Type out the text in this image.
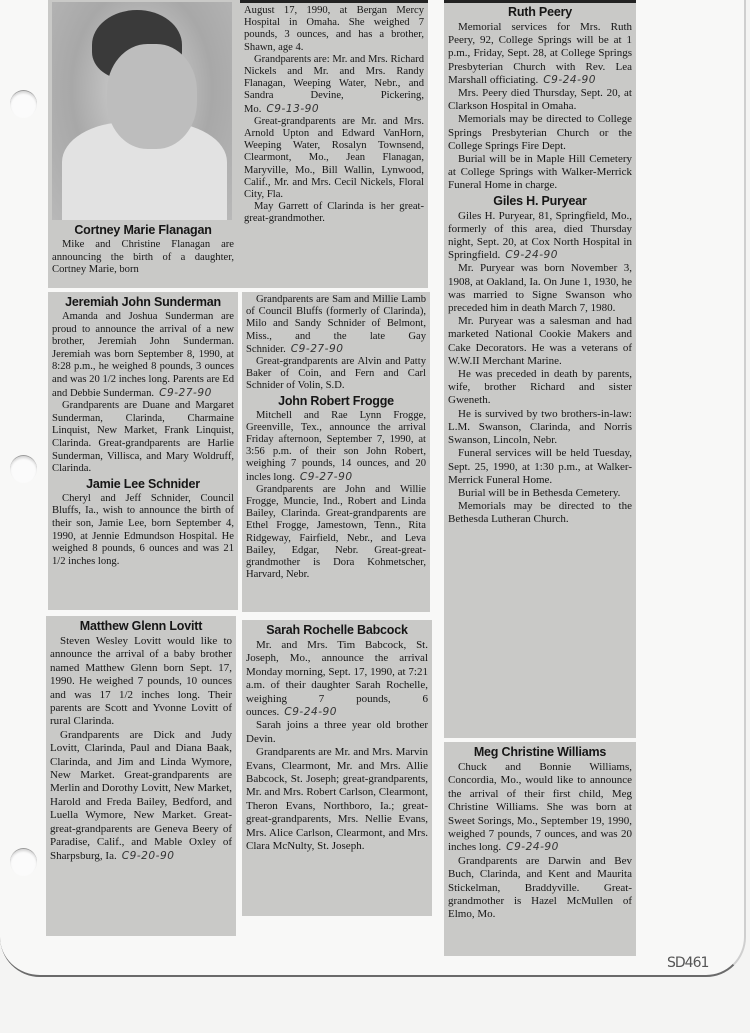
Cortney Marie Flanagan

Mike and Christine Flanagan are announcing the birth of a daughter, Cortney Marie, born

August 17, 1990, at Bergan Mercy Hospital in Omaha. She weighed 7 pounds, 3 ounces, and has a brother, Shawn, age 4.

Grandparents are: Mr. and Mrs. Richard Nickels and Mr. and Mrs. Randy Flanagan, Weeping Water, Nebr., and Sandra Devine, Pickering, Mo. C9-13-90

Great-grandparents are Mr. and Mrs. Arnold Upton and Edward VanHorn, Weeping Water, Rosalyn Townsend, Clearmont, Mo., Jean Flanagan, Maryville, Mo., Bill Wallin, Lynwood, Calif., Mr. and Mrs. Cecil Nickels, Floral City, Fla.

May Garrett of Clarinda is her great-great-grandmother.

Jeremiah John Sunderman

Amanda and Joshua Sunderman are proud to announce the arrival of a new brother, Jeremiah John Sunderman. Jeremiah was born September 8, 1990, at 8:28 p.m., he weighed 8 pounds, 3 ounces and was 20 1/2 inches long. Parents are Ed and Debbie Sunderman. C9-27-90

Grandparents are Duane and Margaret Sunderman, Clarinda, Charmaine Linquist, New Market, Frank Linquist, Clarinda. Great-grandparents are Harlie Sunderman, Villisca, and Mary Woldruff, Clarinda.

Jamie Lee Schnider

Cheryl and Jeff Schnider, Council Bluffs, Ia., wish to announce the birth of their son, Jamie Lee, born September 4, 1990, at Jennie Edmundson Hospital. He weighed 8 pounds, 6 ounces and was 21 1/2 inches long.

Grandparents are Sam and Millie Lamb of Council Bluffs (formerly of Clarinda), Milo and Sandy Schnider of Belmont, Miss., and the late Gay Schnider. C9-27-90

Great-grandparents are Alvin and Patty Baker of Coin, and Fern and Carl Schnider of Volin, S.D.

John Robert Frogge

Mitchell and Rae Lynn Frogge, Greenville, Tex., announce the arrival Friday afternoon, September 7, 1990, at 3:56 p.m. of their son John Robert, weighing 7 pounds, 14 ounces, and 20 incles long. C9-27-90

Grandparents are John and Willie Frogge, Muncie, Ind., Robert and Linda Bailey, Clarinda. Great-grandparents are Ethel Frogge, Jamestown, Tenn., Rita Ridgeway, Fairfield, Nebr., and Leva Bailey, Edgar, Nebr. Great-great-grandmother is Dora Kohmetscher, Harvard, Nebr.

Matthew Glenn Lovitt

Steven Wesley Lovitt would like to announce the arrival of a baby brother named Matthew Glenn born Sept. 17, 1990. He weighed 7 pounds, 10 ounces and was 17 1/2 inches long. Their parents are Scott and Yvonne Lovitt of rural Clarinda.

Grandparents are Dick and Judy Lovitt, Clarinda, Paul and Diana Baak, Clarinda, and Jim and Linda Wymore, New Market. Great-grandparents are Merlin and Dorothy Lovitt, New Market, Harold and Freda Bailey, Bedford, and Luella Wymore, New Market. Great-great-grandparents are Geneva Beery of Paradise, Calif., and Mable Oxley of Sharpsburg, Ia. C9-20-90

Sarah Rochelle Babcock

Mr. and Mrs. Tim Babcock, St. Joseph, Mo., announce the arrival Monday morning, Sept. 17, 1990, at 7:21 a.m. of their daughter Sarah Rochelle, weighing 7 pounds, 6 ounces. C9-24-90

Sarah joins a three year old brother Devin.

Grandparents are Mr. and Mrs. Marvin Evans, Clearmont, Mr. and Mrs. Allie Babcock, St. Joseph; great-grandparents, Mr. and Mrs. Robert Carlson, Clearmont, Theron Evans, Northboro, Ia.; great-great-grandparents, Mrs. Nellie Evans, Mrs. Alice Carlson, Clearmont, and Mrs. Clara McNulty, St. Joseph.

Ruth Peery

Memorial services for Mrs. Ruth Peery, 92, College Springs will be at 1 p.m., Friday, Sept. 28, at College Springs Presbyterian Church with Rev. Lea Marshall officiating. C9-24-90

Mrs. Peery died Thursday, Sept. 20, at Clarkson Hospital in Omaha.

Memorials may be directed to College Springs Presbyterian Church or the College Springs Fire Dept.

Burial will be in Maple Hill Cemetery at College Springs with Walker-Merrick Funeral Home in charge.

Giles H. Puryear

Giles H. Puryear, 81, Springfield, Mo., formerly of this area, died Thursday night, Sept. 20, at Cox North Hospital in Springfield. C9-24-90

Mr. Puryear was born November 3, 1908, at Oakland, Ia. On June 1, 1930, he was married to Signe Swanson who preceded him in death March 7, 1980.

Mr. Puryear was a salesman and had marketed National Cookie Makers and Cake Decorators. He was a veterans of W.W.II Merchant Marine.

He was preceded in death by parents, wife, brother Richard and sister Gweneth.

He is survived by two brothers-in-law: L.M. Swanson, Clarinda, and Norris Swanson, Lincoln, Nebr.

Funeral services will be held Tuesday, Sept. 25, 1990, at 1:30 p.m., at Walker-Merrick Funeral Home.

Burial will be in Bethesda Cemetery.

Memorials may be directed to the Bethesda Lutheran Church.

Meg Christine Williams

Chuck and Bonnie Williams, Concordia, Mo., would like to announce the arrival of their first child, Meg Christine Williams. She was born at Sweet Sorings, Mo., September 19, 1990, weighed 7 pounds, 7 ounces, and was 20 inches long. C9-24-90

Grandparents are Darwin and Bev Buch, Clarinda, and Kent and Maurita Stickelman, Braddyville. Great-grandmother is Hazel McMullen of Elmo, Mo.

SD461
